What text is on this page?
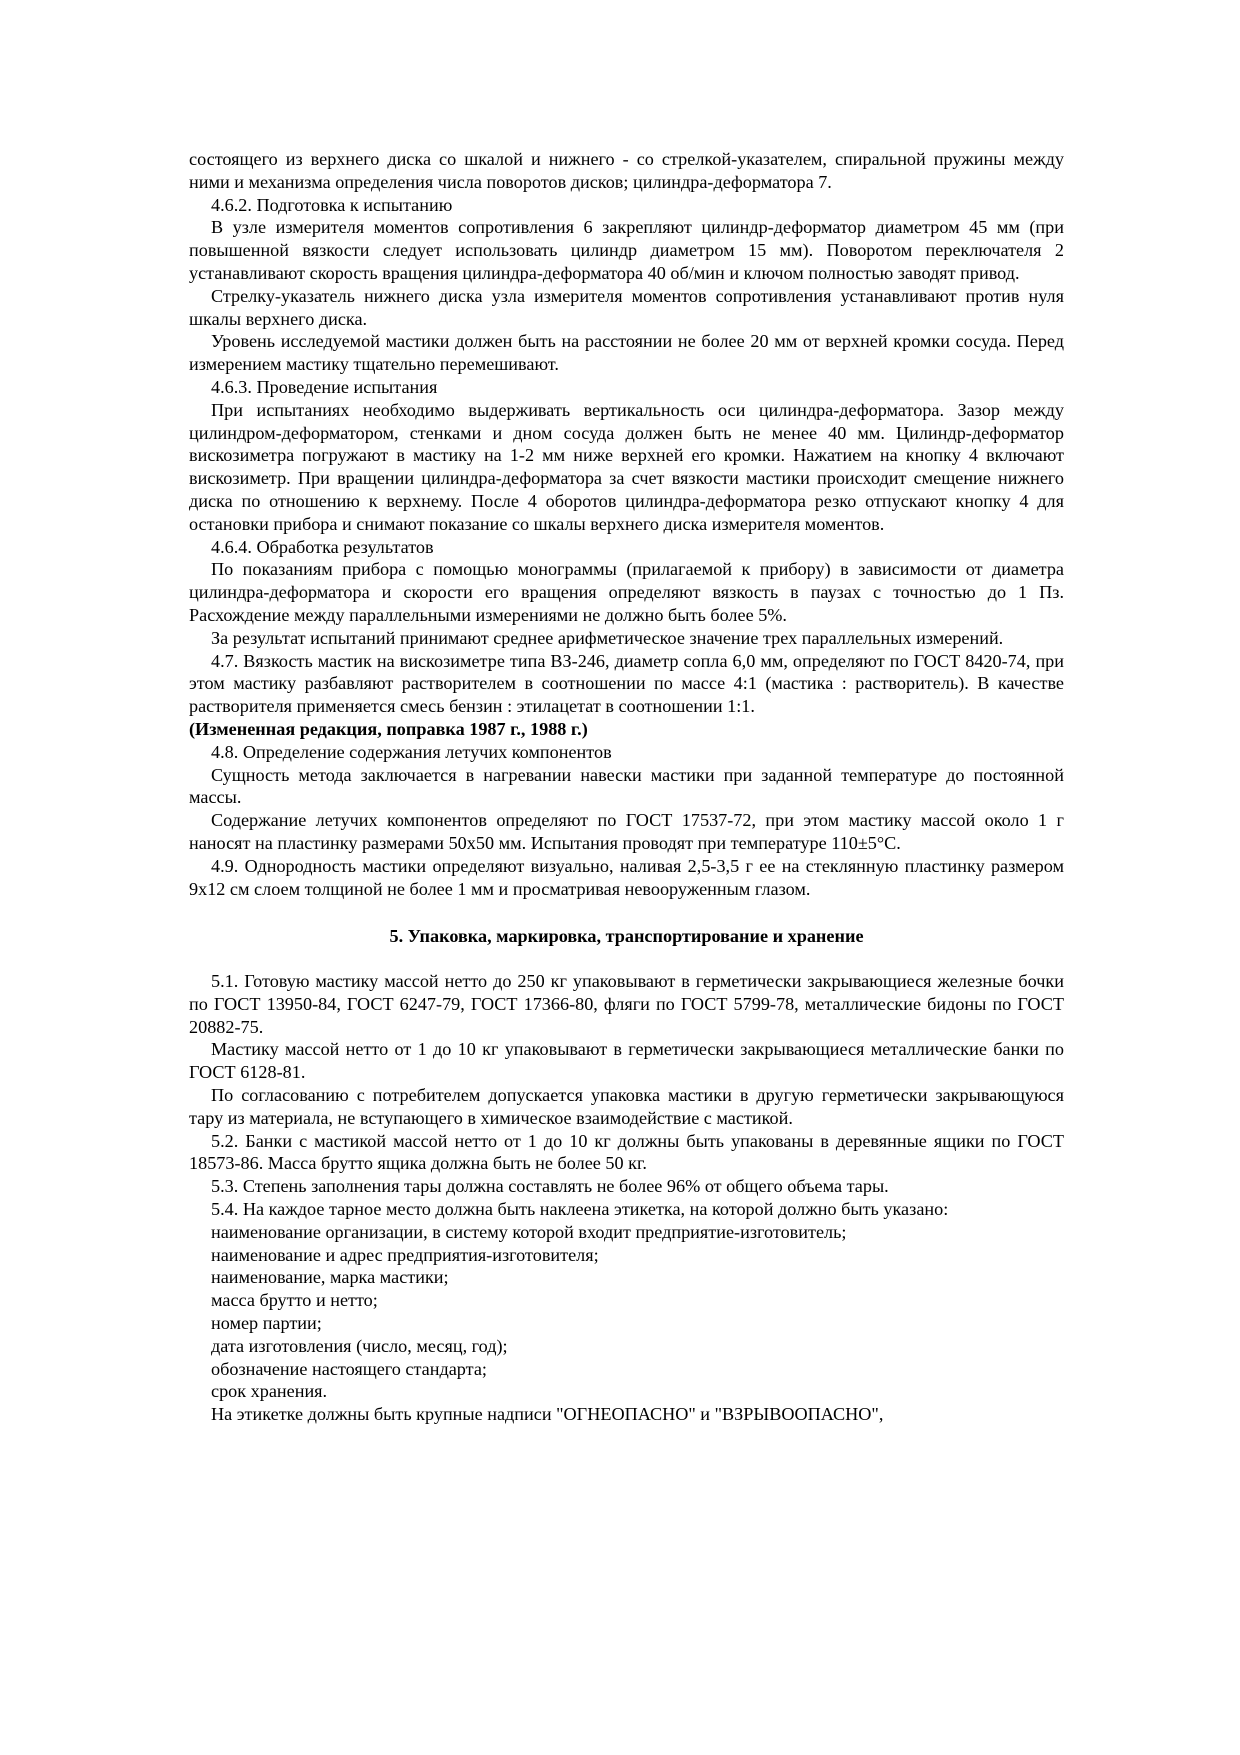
состоящего из верхнего диска со шкалой и нижнего - со стрелкой-указателем, спиральной пружины между ними и механизма определения числа поворотов дисков; цилиндра-деформатора 7.

4.6.2. Подготовка к испытанию

В узле измерителя моментов сопротивления 6 закрепляют цилиндр-деформатор диаметром 45 мм (при повышенной вязкости следует использовать цилиндр диаметром 15 мм). Поворотом переключателя 2 устанавливают скорость вращения цилиндра-деформатора 40 об/мин и ключом полностью заводят привод.

Стрелку-указатель нижнего диска узла измерителя моментов сопротивления устанавливают против нуля шкалы верхнего диска.

Уровень исследуемой мастики должен быть на расстоянии не более 20 мм от верхней кромки сосуда. Перед измерением мастику тщательно перемешивают.

4.6.3. Проведение испытания

При испытаниях необходимо выдерживать вертикальность оси цилиндра-деформатора. Зазор между цилиндром-деформатором, стенками и дном сосуда должен быть не менее 40 мм. Цилиндр-деформатор вискозиметра погружают в мастику на 1-2 мм ниже верхней его кромки. Нажатием на кнопку 4 включают вискозиметр. При вращении цилиндра-деформатора за счет вязкости мастики происходит смещение нижнего диска по отношению к верхнему. После 4 оборотов цилиндра-деформатора резко отпускают кнопку 4 для остановки прибора и снимают показание со шкалы верхнего диска измерителя моментов.

4.6.4. Обработка результатов

По показаниям прибора с помощью монограммы (прилагаемой к прибору) в зависимости от диаметра цилиндра-деформатора и скорости его вращения определяют вязкость в паузах с точностью до 1 Пз. Расхождение между параллельными измерениями не должно быть более 5%.

За результат испытаний принимают среднее арифметическое значение трех параллельных измерений.

4.7. Вязкость мастик на вискозиметре типа ВЗ-246, диаметр сопла 6,0 мм, определяют по ГОСТ 8420-74, при этом мастику разбавляют растворителем в соотношении по массе 4:1 (мастика : растворитель). В качестве растворителя применяется смесь бензин : этилацетат в соотношении 1:1.

(Измененная редакция, поправка 1987 г., 1988 г.)

4.8. Определение содержания летучих компонентов

Сущность метода заключается в нагревании навески мастики при заданной температуре до постоянной массы.

Содержание летучих компонентов определяют по ГОСТ 17537-72, при этом мастику массой около 1 г наносят на пластинку размерами 50х50 мм. Испытания проводят при температуре 110±5°С.

4.9. Однородность мастики определяют визуально, наливая 2,5-3,5 г ее на стеклянную пластинку размером 9х12 см слоем толщиной не более 1 мм и просматривая невооруженным глазом.

5. Упаковка, маркировка, транспортирование и хранение

5.1. Готовую мастику массой нетто до 250 кг упаковывают в герметически закрывающиеся железные бочки по ГОСТ 13950-84, ГОСТ 6247-79, ГОСТ 17366-80, фляги по ГОСТ 5799-78, металлические бидоны по ГОСТ 20882-75.

Мастику массой нетто от 1 до 10 кг упаковывают в герметически закрывающиеся металлические банки по ГОСТ 6128-81.

По согласованию с потребителем допускается упаковка мастики в другую герметически закрывающуюся тару из материала, не вступающего в химическое взаимодействие с мастикой.

5.2. Банки с мастикой массой нетто от 1 до 10 кг должны быть упакованы в деревянные ящики по ГОСТ 18573-86. Масса брутто ящика должна быть не более 50 кг.

5.3. Степень заполнения тары должна составлять не более 96% от общего объема тары.

5.4. На каждое тарное место должна быть наклеена этикетка, на которой должно быть указано:

наименование организации, в систему которой входит предприятие-изготовитель;

наименование и адрес предприятия-изготовителя;

наименование, марка мастики;

масса брутто и нетто;

номер партии;

дата изготовления (число, месяц, год);

обозначение настоящего стандарта;

срок хранения.

На этикетке должны быть крупные надписи "ОГНЕОПАСНО" и "ВЗРЫВООПАСНО",
